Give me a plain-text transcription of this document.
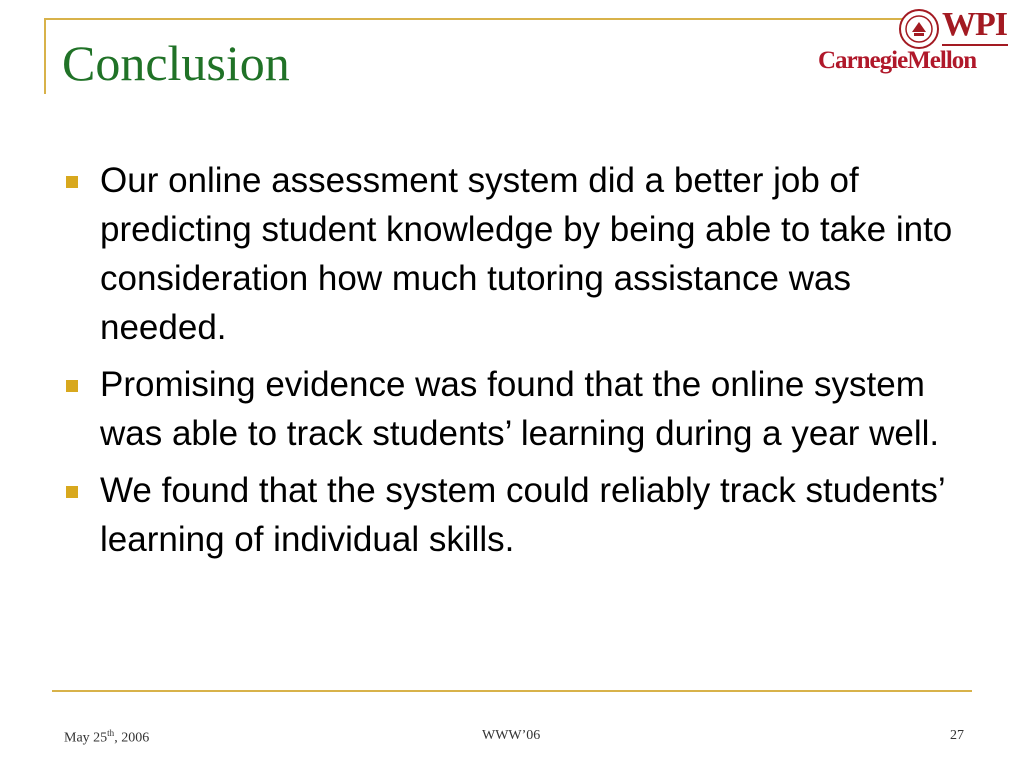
Conclusion
WPI
CarnegieMellon
Our online assessment system did a better job of predicting student knowledge by being able to take into consideration how much tutoring assistance was needed.
Promising evidence was found that the online system was able to track students’ learning during a year well.
We found that the system could reliably track students’ learning of individual skills.
May 25th, 2006	WWW’06	27
